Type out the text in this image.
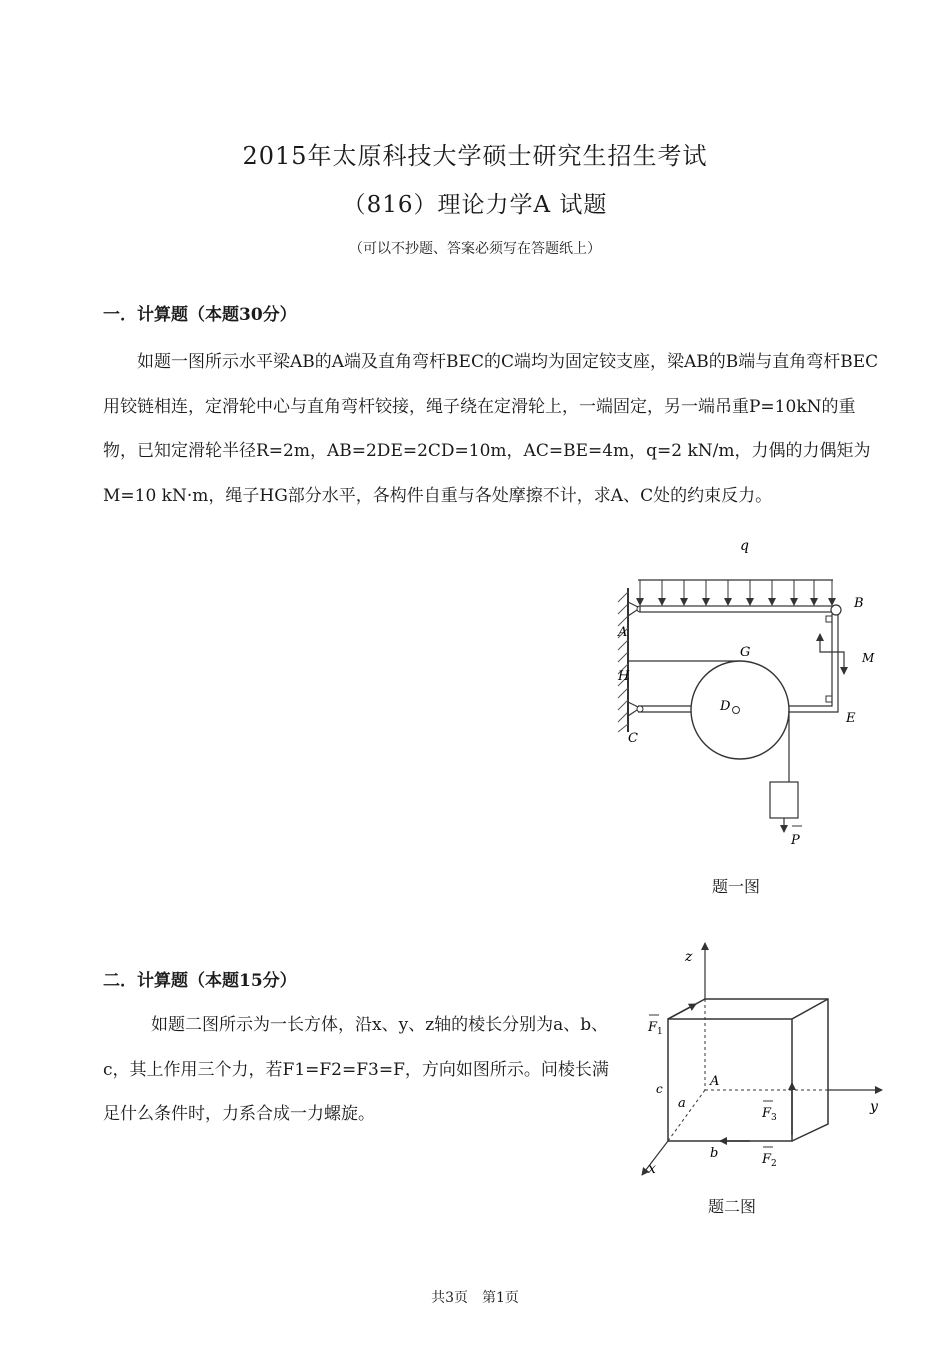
2015年太原科技大学硕士研究生招生考试
（816）理论力学A 试题
（可以不抄题、答案必须写在答题纸上）
一．计算题（本题30分）
如题一图所示水平梁AB的A端及直角弯杆BEC的C端均为固定铰支座，梁AB的B端与直角弯杆BEC用铰链相连，定滑轮中心与直角弯杆铰接，绳子绕在定滑轮上，一端固定，另一端吊重P=10kN的重物，已知定滑轮半径R=2m，AB=2DE=2CD=10m，AC=BE=4m，q=2 kN/m，力偶的力偶矩为M=10 kN·m，绳子HG部分水平，各构件自重与各处摩擦不计，求A、C处的约束反力。
q
A
B
M
H
G
D
C
E
P
题一图
二．计算题（本题15分）
如题二图所示为一长方体，沿x、y、z轴的棱长分别为a、b、c，其上作用三个力，若F1=F2=F3=F，方向如图所示。问棱长满足什么条件时，力系合成一力螺旋。
z
y
x
A
a
b
c
$F_1$
$F_3$
$F_2$
题二图
共3页　第1页
